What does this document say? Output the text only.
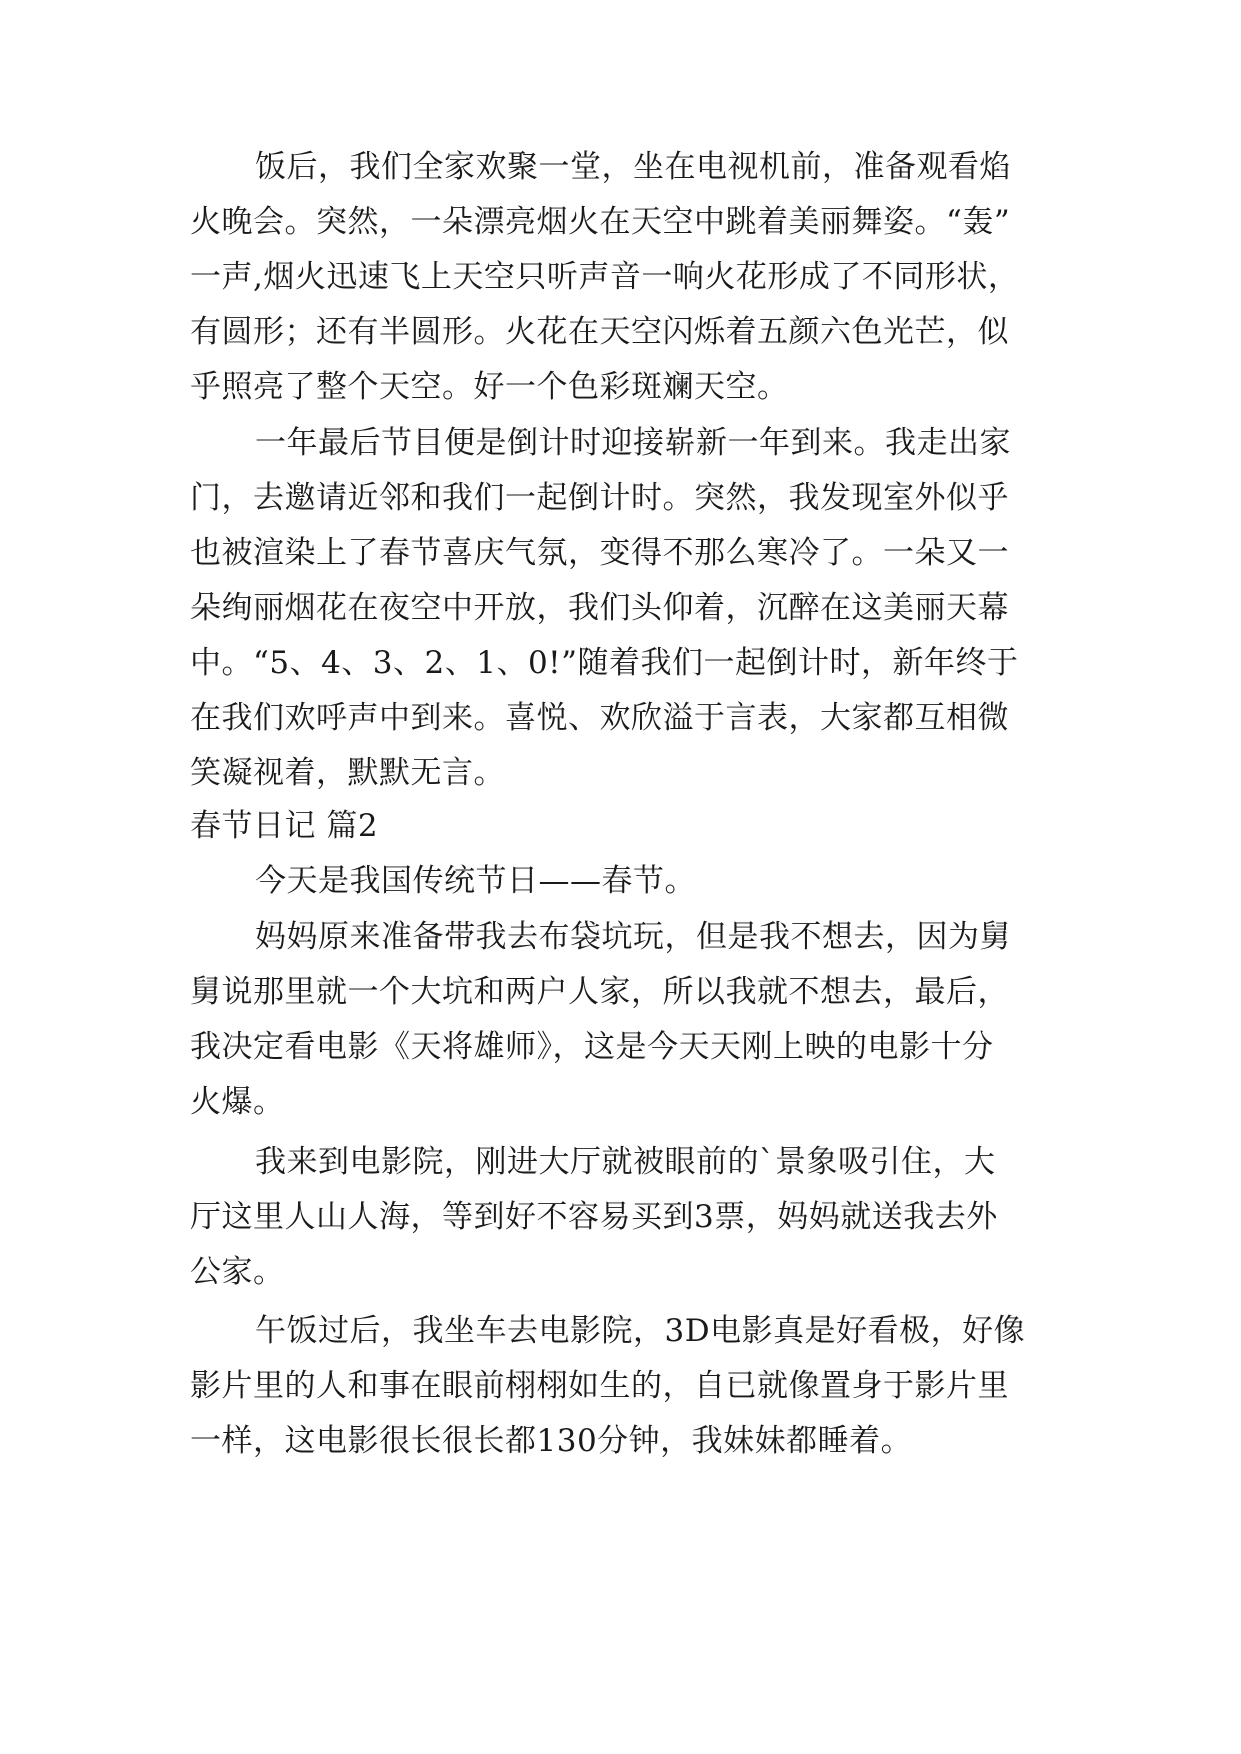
饭后，我们全家欢聚一堂，坐在电视机前，准备观看焰
火晚会。突然，一朵漂亮烟火在天空中跳着美丽舞姿。“轰”
一声,烟火迅速飞上天空只听声音一响火花形成了不同形状，
有圆形；还有半圆形。火花在天空闪烁着五颜六色光芒，似
乎照亮了整个天空。好一个色彩斑斓天空。
一年最后节目便是倒计时迎接崭新一年到来。我走出家
门，去邀请近邻和我们一起倒计时。突然，我发现室外似乎
也被渲染上了春节喜庆气氛，变得不那么寒冷了。一朵又一
朵绚丽烟花在夜空中开放，我们头仰着，沉醉在这美丽天幕
中。“5、4、3、2、1、0!”随着我们一起倒计时，新年终于
在我们欢呼声中到来。喜悦、欢欣溢于言表，大家都互相微
笑凝视着，默默无言。
春节日记 篇2
今天是我国传统节日——春节。
妈妈原来准备带我去布袋坑玩，但是我不想去，因为舅
舅说那里就一个大坑和两户人家，所以我就不想去，最后，
我决定看电影《天将雄师》，这是今天天刚上映的电影十分
火爆。
我来到电影院，刚进大厅就被眼前的`景象吸引住，大
厅这里人山人海，等到好不容易买到3票，妈妈就送我去外
公家。
午饭过后，我坐车去电影院，3D电影真是好看极，好像
影片里的人和事在眼前栩栩如生的，自已就像置身于影片里
一样，这电影很长很长都130分钟，我妹妹都睡着。
